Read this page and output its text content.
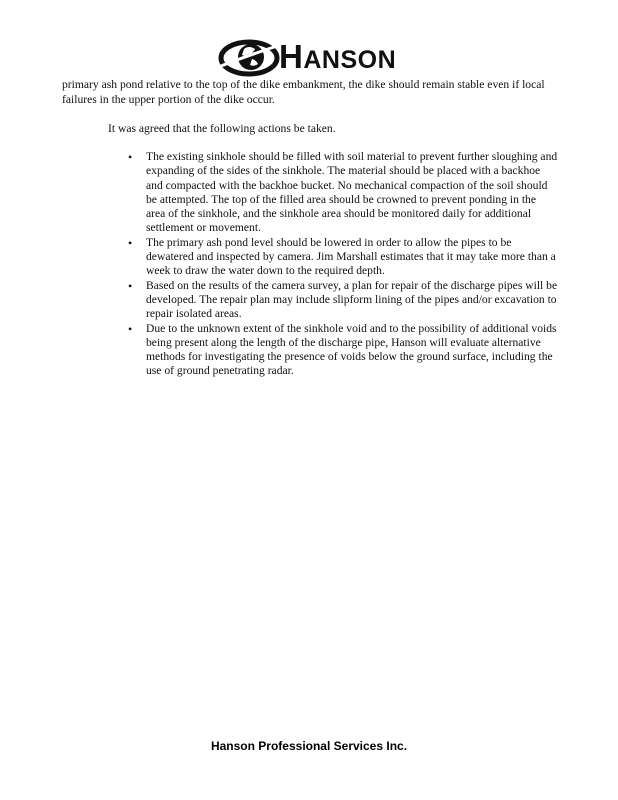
HANSON

primary ash pond relative to the top of the dike embankment, the dike should remain stable even if local failures in the upper portion of the dike occur.

It was agreed that the following actions be taken.

• The existing sinkhole should be filled with soil material to prevent further sloughing and expanding of the sides of the sinkhole. The material should be placed with a backhoe and compacted with the backhoe bucket. No mechanical compaction of the soil should be attempted. The top of the filled area should be crowned to prevent ponding in the area of the sinkhole, and the sinkhole area should be monitored daily for additional settlement or movement.
• The primary ash pond level should be lowered in order to allow the pipes to be dewatered and inspected by camera. Jim Marshall estimates that it may take more than a week to draw the water down to the required depth.
• Based on the results of the camera survey, a plan for repair of the discharge pipes will be developed. The repair plan may include slipform lining of the pipes and/or excavation to repair isolated areas.
• Due to the unknown extent of the sinkhole void and to the possibility of additional voids being present along the length of the discharge pipe, Hanson will evaluate alternative methods for investigating the presence of voids below the ground surface, including the use of ground penetrating radar.
Hanson Professional Services Inc.
